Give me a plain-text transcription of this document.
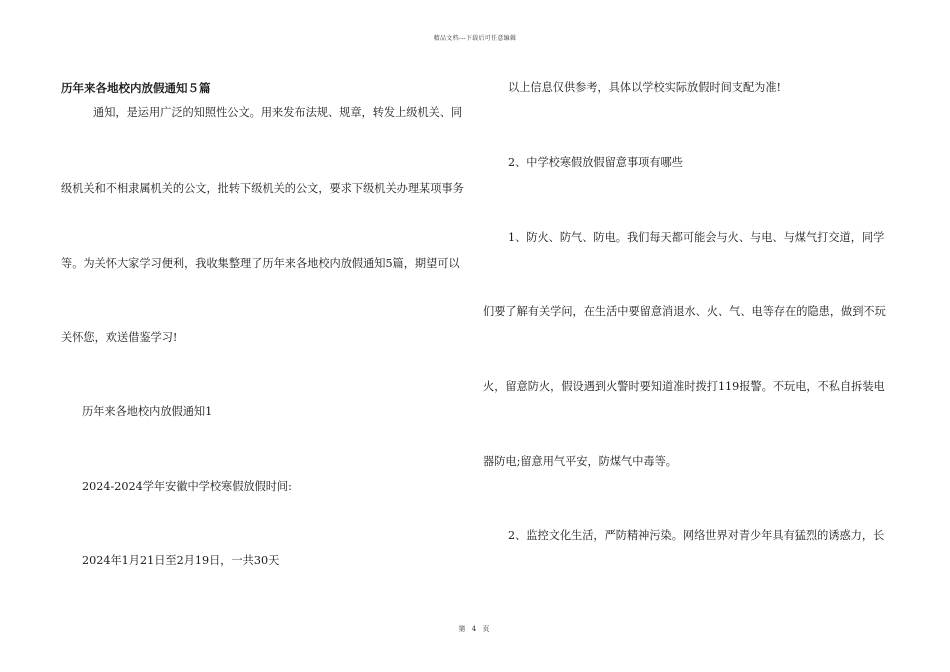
精品文档---下载后可任意编辑
历年来各地校内放假通知５篇
通知，是运用广泛的知照性公文。用来发布法规、规章，转发上级机关、同
级机关和不相隶属机关的公文，批转下级机关的公文，要求下级机关办理某项事务
等。为关怀大家学习便利，我收集整理了历年来各地校内放假通知5篇，期望可以
关怀您，欢送借鉴学习!
历年来各地校内放假通知1
2024-2024学年安徽中学校寒假放假时间:
2024年1月21日至2月19日，一共30天
以上信息仅供参考，具体以学校实际放假时间支配为准!
2、中学校寒假放假留意事项有哪些
1、防火、防气、防电。我们每天都可能会与火、与电、与煤气打交道，同学
们要了解有关学问，在生活中要留意消退水、火、气、电等存在的隐患，做到不玩
火，留意防火，假设遇到火警时要知道准时拨打119报警。不玩电，不私自拆装电
器防电;留意用气平安，防煤气中毒等。
2、监控文化生活，严防精神污染。网络世界对青少年具有猛烈的诱惑力，长
第 4 页
